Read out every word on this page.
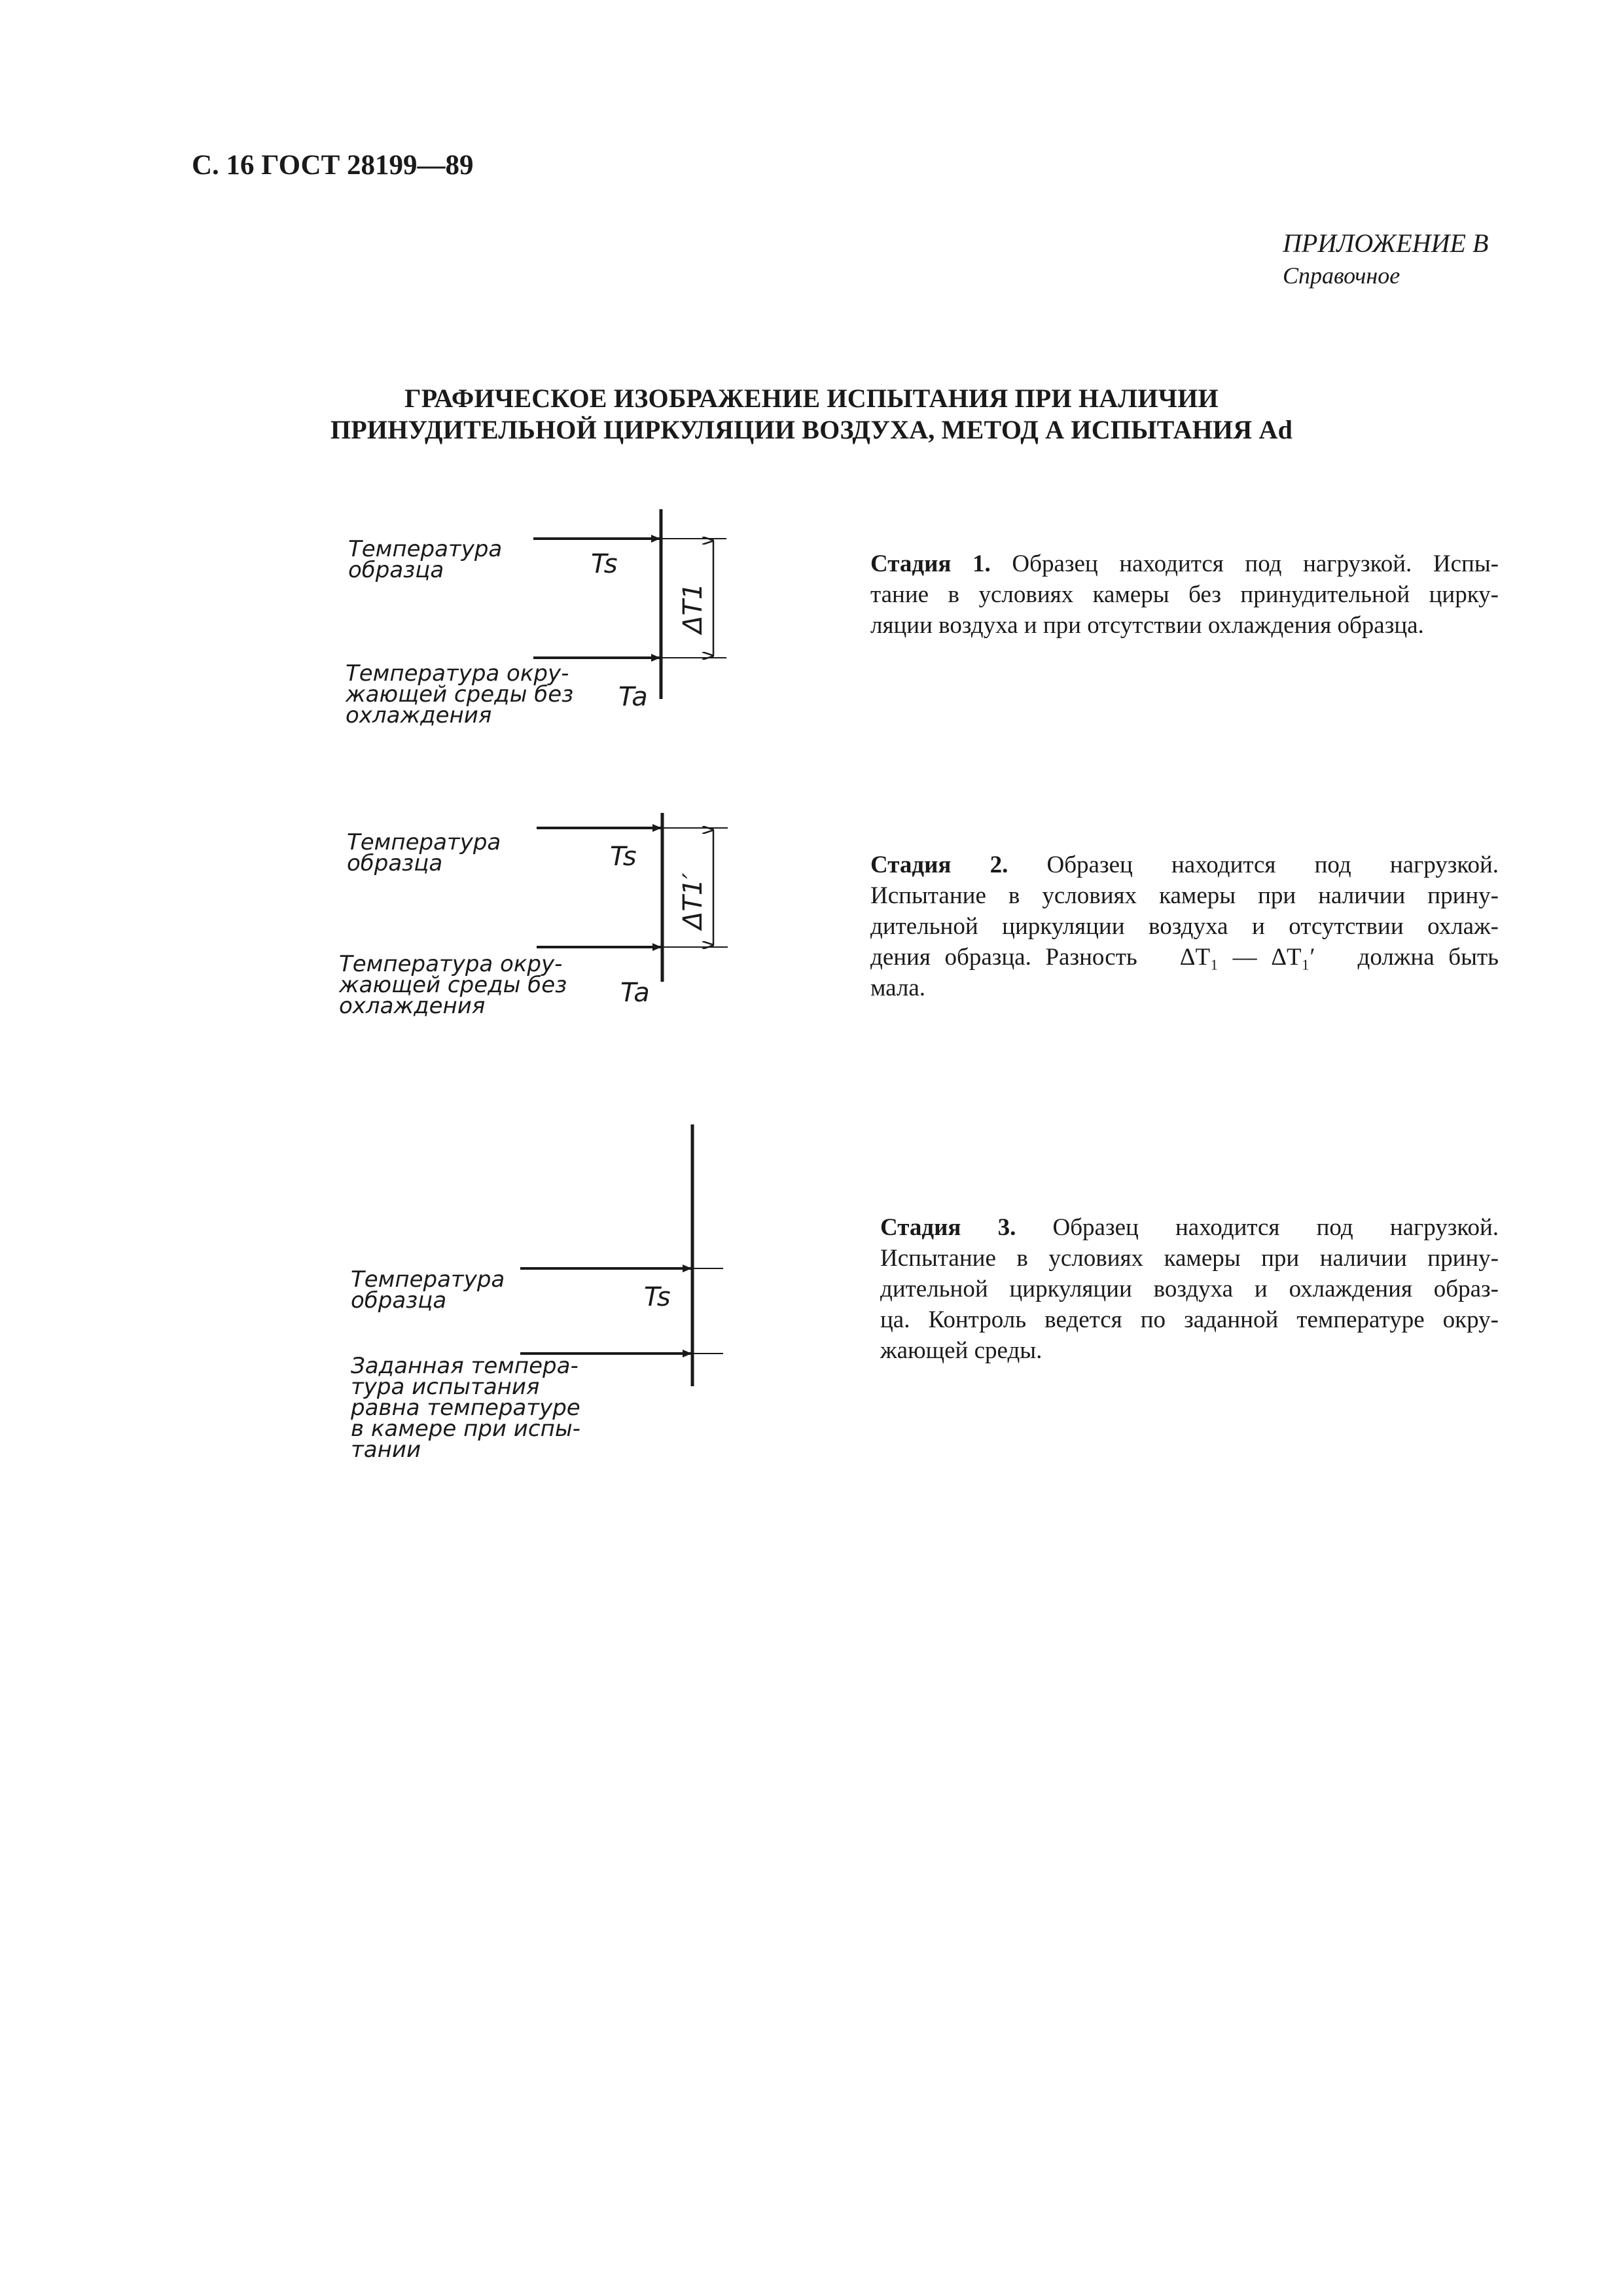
С. 16 ГОСТ 28199—89
ПРИЛОЖЕНИЕ В
Справочное
ГРАФИЧЕСКОЕ ИЗОБРАЖЕНИЕ ИСПЫТАНИЯ ПРИ НАЛИЧИИ
ПРИНУДИТЕЛЬНОЙ ЦИРКУЛЯЦИИ ВОЗДУХА, МЕТОД А ИСПЫТАНИЯ Ad
Стадия 1. Образец находится под нагрузкой. Испы-
тание в условиях камеры без принудительной цирку-
ляции воздуха и при отсутствии охлаждения образца.
Стадия 2. Образец находится под нагрузкой.
Испытание в условиях камеры при наличии прину-
дительной циркуляции воздуха и отсутствии охлаж-
дения образца. Разность ΔT₁ — ΔT₁′ должна быть
мала.
Стадия 3. Образец находится под нагрузкой.
Испытание в условиях камеры при наличии прину-
дительной циркуляции воздуха и охлаждения образ-
ца. Контроль ведется по заданной температуре окру-
жающей среды.
Температура
образца	Ts
Температура окру-
жающей среды без
охлаждения
Ta
ΔT1
Температура
образца	Ts
Температура окру-
жающей среды без
охлаждения	Ta
ΔT1′
Температура
образца	Ts
Заданная темпера-
тура испытания
равна температуре
в камере при испы-
тании
